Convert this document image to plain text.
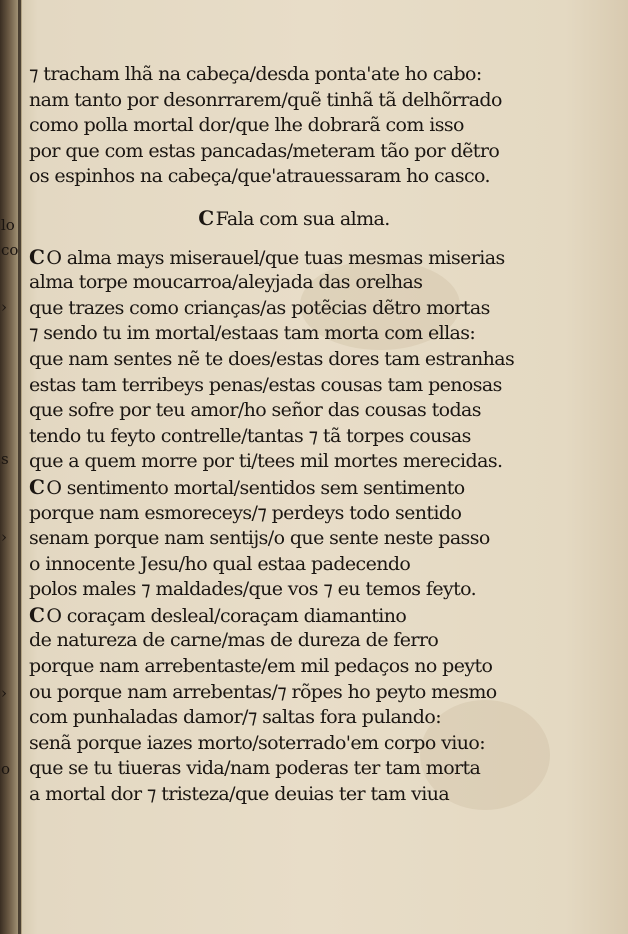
lo
co
›
s
›
›
o
⁊ tracham lhã na cabeça/desda ponta'ate ho cabo:
nam tanto por desonrrarem/quẽ tinhã tã delhõrrado
como polla mortal dor/que lhe dobrarã com isso
por que com estas pancadas/meteram tão por dẽtro
os espinhos na cabeça/que'atrauessaram ho casco.
C Fala com sua alma.
C O alma mays miserauel/que tuas mesmas miserias
alma torpe moucarroa/aleyjada das orelhas
que trazes como crianças/as potẽcias dẽtro mortas
⁊ sendo tu im mortal/estaas tam morta com ellas:
que nam sentes nẽ te does/estas dores tam estranhas
estas tam terribeys penas/estas cousas tam penosas
que sofre por teu amor/ho señor das cousas todas
tendo tu feyto contrelle/tantas ⁊ tã torpes cousas
que a quem morre por ti/tees mil mortes merecidas.
C O sentimento mortal/sentidos sem sentimento
porque nam esmoreceys/⁊ perdeys todo sentido
senam porque nam sentijs/o que sente neste passo
o innocente Jesu/ho qual estaa padecendo
polos males ⁊ maldades/que vos ⁊ eu temos feyto.
C O coraçam desleal/coraçam diamantino
de natureza de carne/mas de dureza de ferro
porque nam arrebentaste/em mil pedaços no peyto
ou porque nam arrebentas/⁊ rõpes ho peyto mesmo
com punhaladas damor/⁊ saltas fora pulando:
senã porque iazes morto/soterrado'em corpo viuo:
que se tu tiueras vida/nam poderas ter tam morta
a mortal dor ⁊ tristeza/que deuias ter tam viua
